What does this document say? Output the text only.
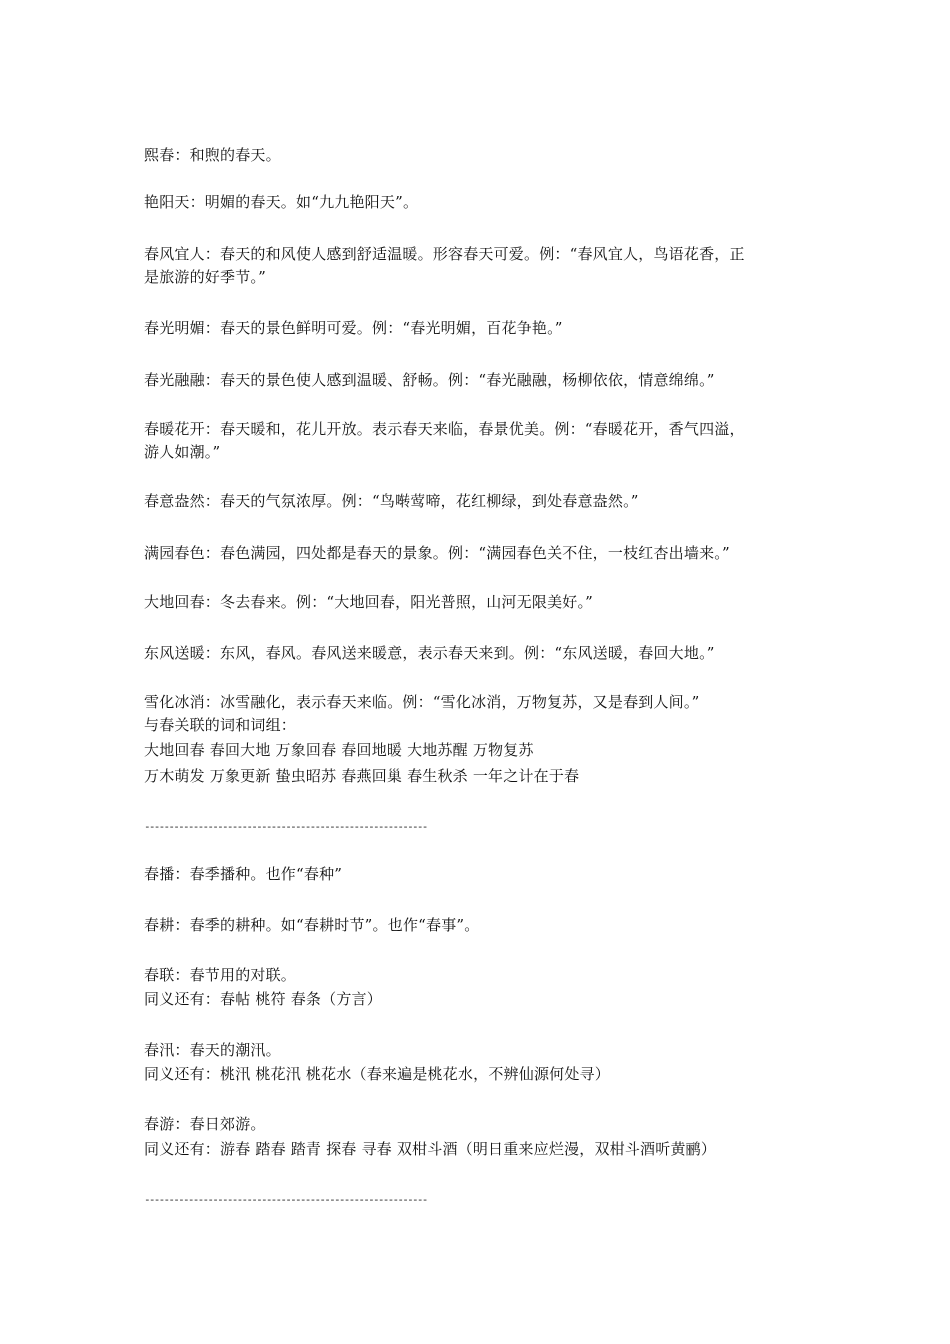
熙春：和煦的春天。

艳阳天：明媚的春天。如“九九艳阳天”。

春风宜人：春天的和风使人感到舒适温暖。形容春天可爱。例：“春风宜人，鸟语花香，正

是旅游的好季节。”

春光明媚：春天的景色鲜明可爱。例：“春光明媚，百花争艳。”

春光融融：春天的景色使人感到温暖、舒畅。例：“春光融融，杨柳依依，情意绵绵。”

春暖花开：春天暖和，花儿开放。表示春天来临，春景优美。例：“春暖花开，香气四溢，

游人如潮。”

春意盎然：春天的气氛浓厚。例：“鸟啭莺啼，花红柳绿，到处春意盎然。”

满园春色：春色满园，四处都是春天的景象。例：“满园春色关不住，一枝红杏出墙来。”

大地回春：冬去春来。例：“大地回春，阳光普照，山河无限美好。”

东风送暖：东风，春风。春风送来暖意，表示春天来到。例：“东风送暖，春回大地。”

雪化冰消：冰雪融化，表示春天来临。例：“雪化冰消，万物复苏，又是春到人间。”

与春关联的词和词组：

大地回春 春回大地 万象回春 春回地暖 大地苏醒 万物复苏

万木萌发 万象更新 蛰虫昭苏 春燕回巢 春生秋杀 一年之计在于春

----------------------------------------------------------

春播：春季播种。也作“春种”

春耕：春季的耕种。如“春耕时节”。也作“春事”。

春联：春节用的对联。

同义还有：春帖 桃符 春条（方言）

春汛：春天的潮汛。

同义还有：桃汛 桃花汛 桃花水（春来遍是桃花水，不辨仙源何处寻）

春游：春日郊游。

同义还有：游春 踏春 踏青 探春 寻春 双柑斗酒（明日重来应烂漫，双柑斗酒听黄鹂）

----------------------------------------------------------
